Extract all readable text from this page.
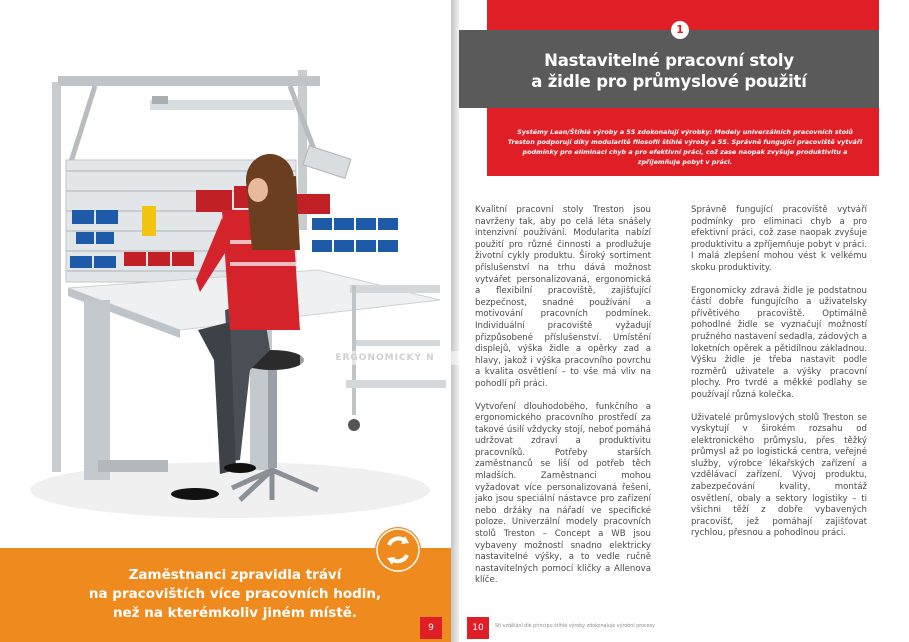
Zaměstnanci zpravidla tráví
na pracovištích více pracovních hodin,
než na kterémkoliv jiném místě.
9
1
Nastavitelné pracovní stoly
a židle pro průmyslové použití
Systémy Lean/Štíhlé výroby a 5S zdokonalují výrobky: Modely univerzálních pracovních stolů Treston podporují díky modularitě filosofii štíhlé výroby a 5S. Správně fungující pracoviště vytváří podmínky pro eliminaci chyb a pro efektivní práci, což zase naopak zvyšuje produktivitu a zpříjemňuje pobyt v práci.

Kvalitní pracovní stoly Treston jsou navrženy tak, aby po celá léta snášely intenzivní používání. Modularita nabízí použití pro různé činnosti a prodlužuje životní cykly produktu. Široký sortiment příslušenství na trhu dává možnost vytvářet personalizovaná, ergonomická a flexibilní pracoviště, zajišťující bezpečnost, snadné používání a motivování pracovních podmínek. Individuální pracoviště vyžadují přizpůsobené příslušenství. Umístění displejů, výška židle a opěrky zad a hlavy, jakož i výška pracovního povrchu a kvalita osvětlení – to vše má vliv na pohodlí při práci.

Vytvoření dlouhodobého, funkčního a ergonomického pracovního prostředí za takové úsilí vždycky stojí, neboť pomáhá udržovat zdraví a produktivitu pracovníků. Potřeby starších zaměstnanců se liší od potřeb těch mladších. Zaměstnanci mohou vyžadovat více personalizovaná řešení, jako jsou speciální nástavce pro zařízení nebo držáky na nářadí ve specifické poloze. Univerzální modely pracovních stolů Treston – Concept a WB jsou vybaveny možností snadno elektricky nastavitelné výšky, a to vedle ručně nastavitelných pomocí kličky a Allenova klíče.

Správně fungující pracoviště vytváří podmínky pro eliminaci chyb a pro efektivní práci, což zase naopak zvyšuje produktivitu a zpříjemňuje pobyt v práci. I malá zlepšení mohou vést k velkému skoku produktivity.

Ergonomicky zdravá židle je podstatnou částí dobře fungujícího a uživatelsky přívětivého pracoviště. Optimálně pohodlné židle se vyznačují možností pružného nastavení sedadla, zádových a loketních opěrek a pětidílnou základnou. Výšku židle je třeba nastavit podle rozměrů uživatele a výšky pracovní plochy. Pro tvrdé a měkké podlahy se používají různá kolečka.

Uživatelé průmyslových stolů Treston se vyskytují v širokém rozsahu od elektronického průmyslu, přes těžký průmysl až po logistická centra, veřejné služby, výrobce lékařských zařízení a vzdělávací zařízení. Vývoj produktu, zabezpečování kvality, montáž osvětlení, obaly a sektory logistiky – ti všichni těží z dobře vybavených pracovišť, jež pomáhají zajišťovat rychlou, přesnou a pohodlnou práci.

10	Stí vzdělání dle principu štíhlé výroby zdokonaluje výrobní procesy
ERGONOMICKÝ N
